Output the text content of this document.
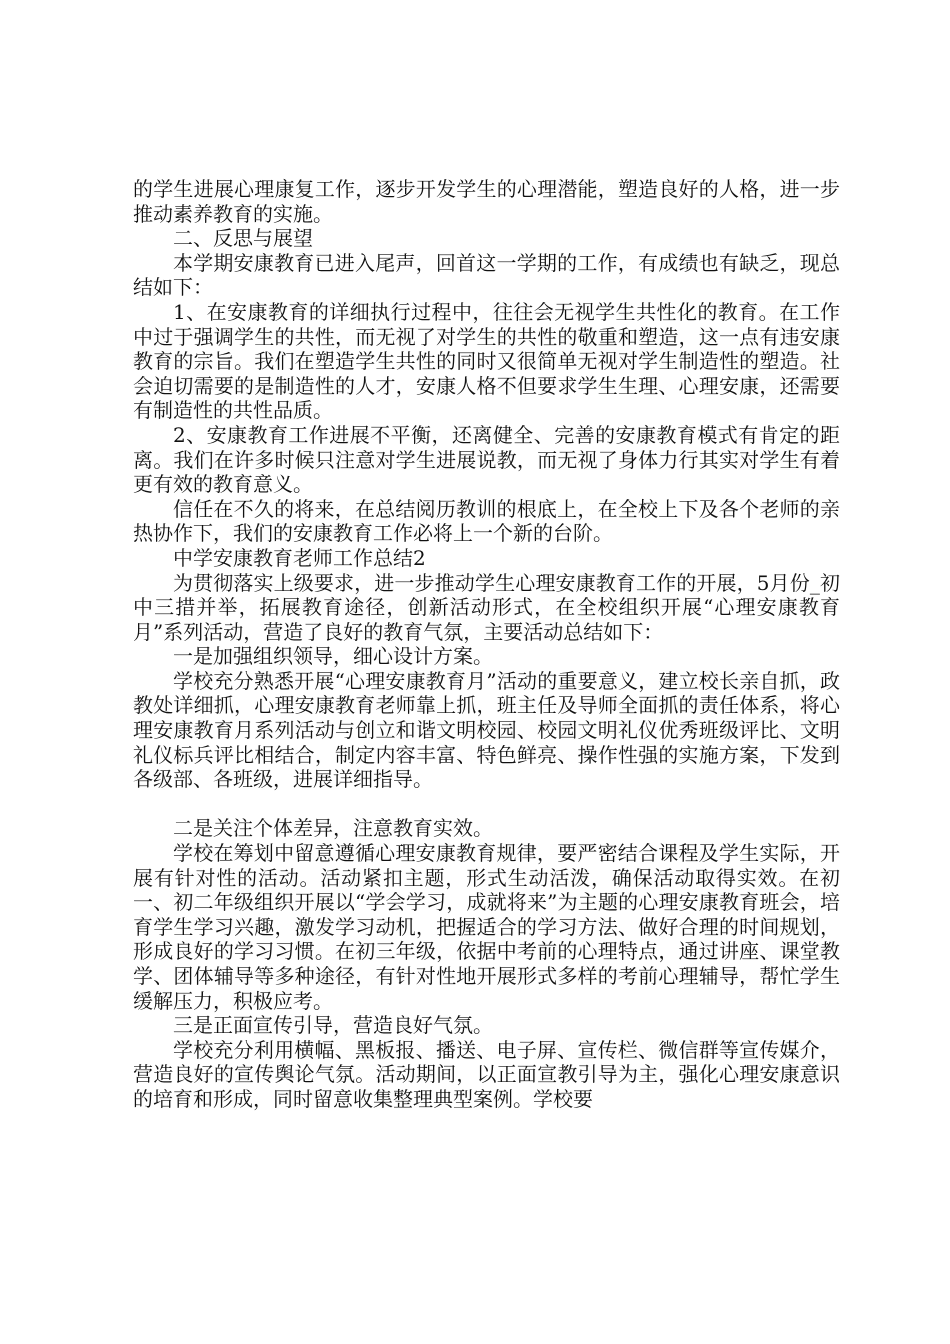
的学生进展心理康复工作，逐步开发学生的心理潜能，塑造良好的人格，进一步推动素养教育的实施。

二、反思与展望

本学期安康教育已进入尾声，回首这一学期的工作，有成绩也有缺乏，现总结如下：

1、在安康教育的详细执行过程中，往往会无视学生共性化的教育。在工作中过于强调学生的共性，而无视了对学生的共性的敬重和塑造，这一点有违安康教育的宗旨。我们在塑造学生共性的同时又很简单无视对学生制造性的塑造。社会迫切需要的是制造性的人才，安康人格不但要求学生生理、心理安康，还需要有制造性的共性品质。

2、安康教育工作进展不平衡，还离健全、完善的安康教育模式有肯定的距离。我们在许多时候只注意对学生进展说教，而无视了身体力行其实对学生有着更有效的教育意义。

信任在不久的将来，在总结阅历教训的根底上，在全校上下及各个老师的亲热协作下，我们的安康教育工作必将上一个新的台阶。

中学安康教育老师工作总结2

为贯彻落实上级要求，进一步推动学生心理安康教育工作的开展，5月份_初中三措并举，拓展教育途径，创新活动形式，在全校组织开展“心理安康教育月”系列活动，营造了良好的教育气氛，主要活动总结如下：

一是加强组织领导，细心设计方案。

学校充分熟悉开展“心理安康教育月”活动的重要意义，建立校长亲自抓，政教处详细抓，心理安康教育老师靠上抓，班主任及导师全面抓的责任体系，将心理安康教育月系列活动与创立和谐文明校园、校园文明礼仪优秀班级评比、文明礼仪标兵评比相结合，制定内容丰富、特色鲜亮、操作性强的实施方案，下发到各级部、各班级，进展详细指导。

二是关注个体差异，注意教育实效。

学校在筹划中留意遵循心理安康教育规律，要严密结合课程及学生实际，开展有针对性的活动。活动紧扣主题，形式生动活泼，确保活动取得实效。在初一、初二年级组织开展以“学会学习，成就将来”为主题的心理安康教育班会，培育学生学习兴趣，激发学习动机，把握适合的学习方法、做好合理的时间规划，形成良好的学习习惯。在初三年级，依据中考前的心理特点，通过讲座、课堂教学、团体辅导等多种途径，有针对性地开展形式多样的考前心理辅导，帮忙学生缓解压力，积极应考。

三是正面宣传引导，营造良好气氛。

学校充分利用横幅、黑板报、播送、电子屏、宣传栏、微信群等宣传媒介，营造良好的宣传舆论气氛。活动期间，以正面宣教引导为主，强化心理安康意识的培育和形成，同时留意收集整理典型案例。学校要
